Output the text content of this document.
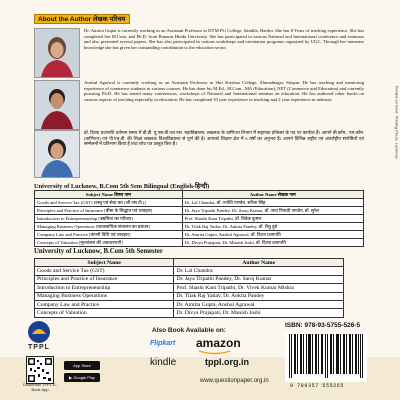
Printed on Govt. Printing Press, Lucknow.
About the Author लेखक परिचय
Dr. Amrita Gupta is currently working as an Assistant Professor in DVM PG College, Sandila, Hardoi. She has 8 Years of teaching experience. She has completed her M.Com. and Ph.D. from Banaras Hindu University. She has participated in various National and International conference and seminars and also presented several papers. She has also participated in various workshops and orientation programs organized by UGC. Through her immense knowledge she has given her outstanding contribution to the education sector.
Anshul Agrawal is currently working as an Assistant Professor in Shri Krishna College, Ahmadnagar, Sitapur. He has teaching and mentoring experience of commerce students in various courses. He has done his M.Ed., M.Com., MA (Education), NET (Commerce and Education) and currently pursuing Ph.D. He has attend many conferences, workshops of National and International seminar on education. He has authored other books on various aspects of teaching especially in education. He has completed 10 year experience in teaching and 2 year experience in industry.
डॉ. दिव्या प्रजापति वर्तमान समय में डी.डी. यू.एस.बी.एल.एस. महाविद्यालय, लखनऊ के वाणिज्य विभाग में सहायक प्रोफेसर के पद पर कार्यरत हैं। आपने बी.कॉम., एम.कॉम. (वाणिज्य) एवं पी.एच.डी. की शिक्षा लखनऊ विश्वविद्यालय से पूर्ण की है। आपको शिक्षण क्षेत्र में 6 वर्षों का अनुभव है। आपने विभिन्न राष्ट्रीय एवं अंतर्राष्ट्रीय संगोष्ठियों एवं सम्मेलनों में प्रतिभाग किया है तथा शोध पत्र प्रस्तुत किए हैं।
University of Lucknow, B.Com 5th Sem Bilingual (English-हिन्दी)
Subject Name विषय नाम	Author Name लेखक नाम
Goods and Service Tax (GST) [वस्तु एवं सेवा कर (जी.एस.टी.)]	Dr. Lal Chandra, डॉ. ज्योति पाण्डेय, सरिता सिंह
Principles and Practice of Insurance [बीमा के सिद्धांत एवं व्यवहार]	Dr. Jaya Tripathi Pandey, Dr. Saroj Kumar, डॉ. जया त्रिपाठी पाण्डेय, डॉ. सुरेश
Introduction to Entrepreneurship [उद्यमिता का परिचय]	Prof. Shashi Kant Tripathi, डॉ. विवेक कुमार
Managing Business Operations [व्यावसायिक संचालन का प्रबंधन]	Dr. Tilak Raj Yadav, Dr. Ankita Pandey, डॉ. रीशु दुबे
Company Law and Practice [कंपनी विधि एवं व्यवहार]	Dr. Amrita Gupta, Anshul Agrawal, डॉ. दिव्या प्रजापति
Concepts of Valuation [मूल्यांकन की अवधारणाएँ]	Dr. Divya Prajapati, Dr. Manish Joshi, डॉ. दिव्या प्रजापति
University of Lucknow, B.Com 5th Semester
Subject Name	Author Name
Goods and Service Tax (GST)	Dr. Lal Chandra
Principles and Practice of Insurance	Dr. Jaya Tripathi Pandey, Dr. Saroj Kumar
Introduction to Entrepreneurship	Prof. Shashi Kant Tripathi, Dr. Vivek Kumar Mishra
Managing Business Operations	Dr. Tilak Raj Yadav, Dr. Ankita Pandey
Company Law and Practice	Dr. Amrita Gupta, Anshul Agrawal
Concepts of Valuation	Dr. Divya Prajapati, Dr. Manish Joshi
TPPL
Download TPPL E-Book App
App Store
▶ Google Play
Also Book Available on:
Flipkart amazon
kindle	tppl.org.in
www.questionpaper.org.in
ISBN: 978-93-5755-526-5
9 789357 555265
